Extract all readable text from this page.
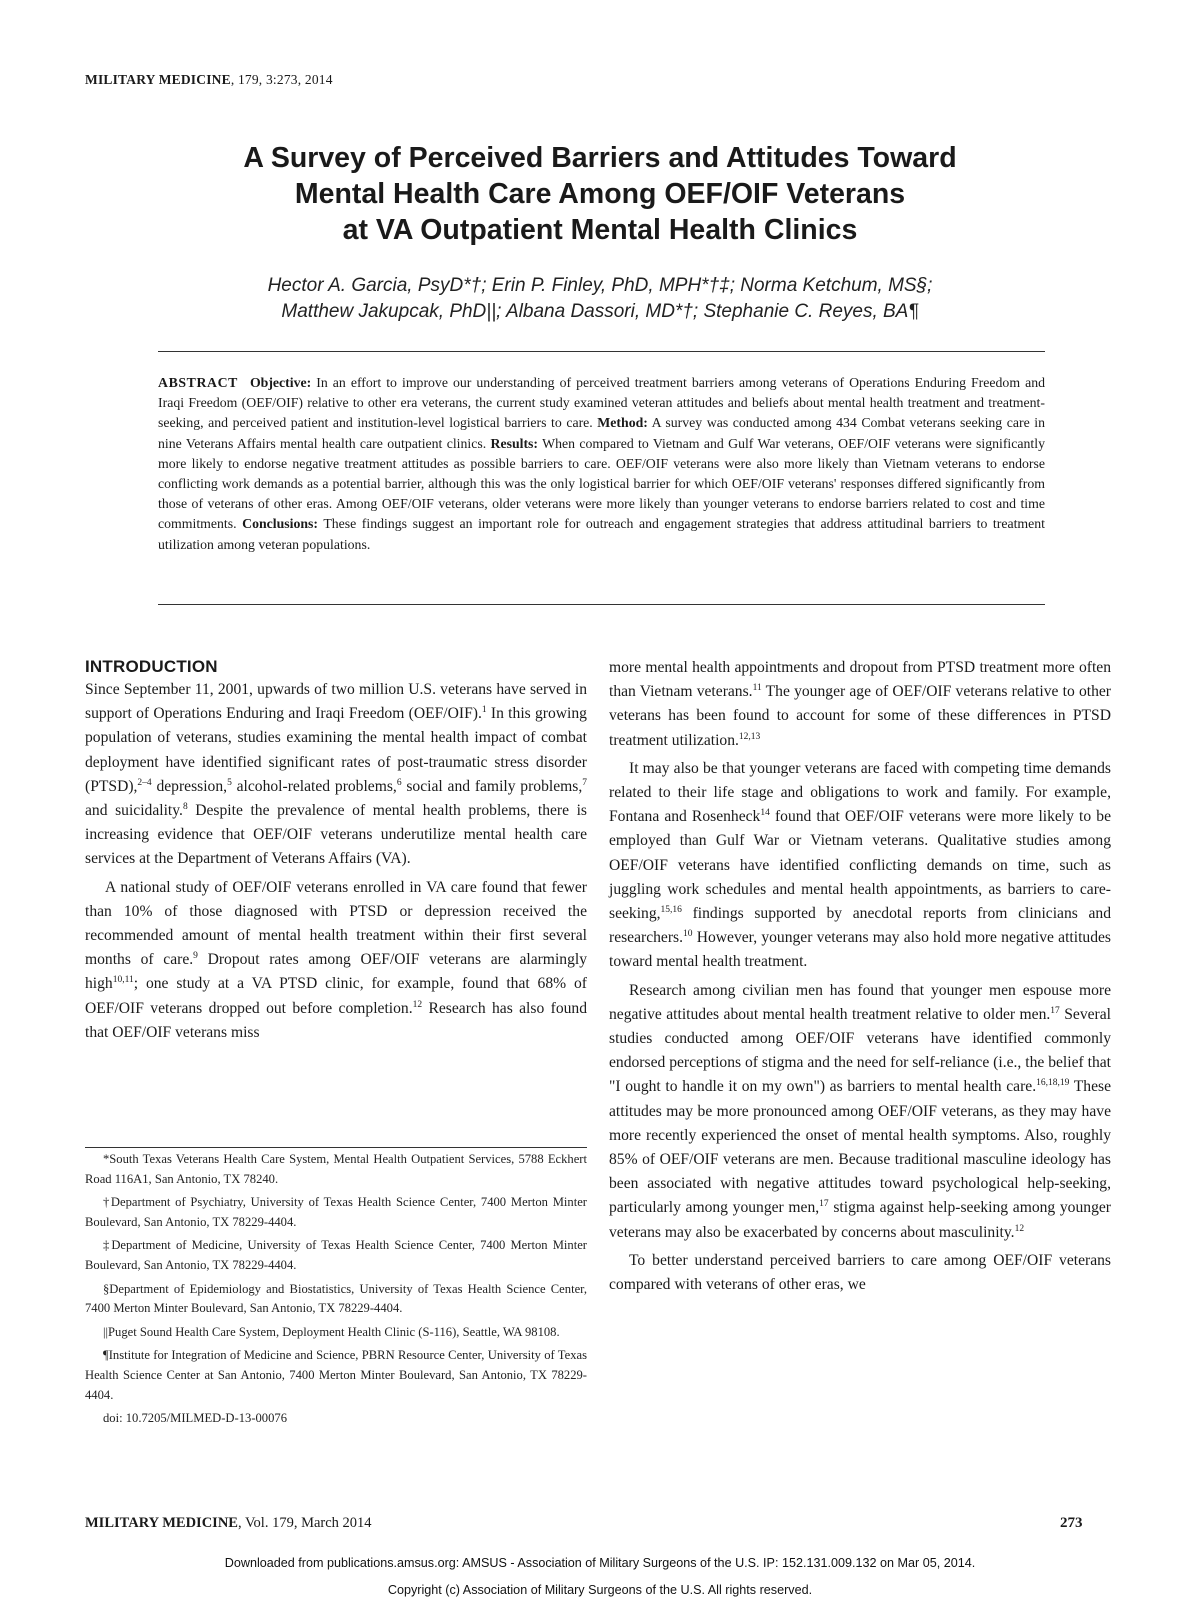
MILITARY MEDICINE, 179, 3:273, 2014
A Survey of Perceived Barriers and Attitudes Toward
Mental Health Care Among OEF/OIF Veterans
at VA Outpatient Mental Health Clinics
Hector A. Garcia, PsyD*†; Erin P. Finley, PhD, MPH*†‡; Norma Ketchum, MS§;
Matthew Jakupcak, PhD||; Albana Dassori, MD*†; Stephanie C. Reyes, BA¶
ABSTRACT Objective: In an effort to improve our understanding of perceived treatment barriers among veterans of Operations Enduring Freedom and Iraqi Freedom (OEF/OIF) relative to other era veterans, the current study examined veteran attitudes and beliefs about mental health treatment and treatment-seeking, and perceived patient and institution-level logistical barriers to care. Method: A survey was conducted among 434 Combat veterans seeking care in nine Veterans Affairs mental health care outpatient clinics. Results: When compared to Vietnam and Gulf War veterans, OEF/OIF veterans were significantly more likely to endorse negative treatment attitudes as possible barriers to care. OEF/OIF veterans were also more likely than Vietnam veterans to endorse conflicting work demands as a potential barrier, although this was the only logistical barrier for which OEF/OIF veterans' responses differed significantly from those of veterans of other eras. Among OEF/OIF veterans, older veterans were more likely than younger veterans to endorse barriers related to cost and time commitments. Conclusions: These findings suggest an important role for outreach and engagement strategies that address attitudinal barriers to treatment utilization among veteran populations.
INTRODUCTION

Since September 11, 2001, upwards of two million U.S. veterans have served in support of Operations Enduring and Iraqi Freedom (OEF/OIF).$^1$ In this growing population of veterans, studies examining the mental health impact of combat deployment have identified significant rates of post-traumatic stress disorder (PTSD),$^{2-4}$ depression,$^5$ alcohol-related problems,$^6$ social and family problems,$^7$ and suicidality.$^8$ Despite the prevalence of mental health problems, there is increasing evidence that OEF/OIF veterans underutilize mental health care services at the Department of Veterans Affairs (VA).

A national study of OEF/OIF veterans enrolled in VA care found that fewer than 10% of those diagnosed with PTSD or depression received the recommended amount of mental health treatment within their first several months of care.$^9$ Dropout rates among OEF/OIF veterans are alarmingly high$^{10,11}$; one study at a VA PTSD clinic, for example, found that 68% of OEF/OIF veterans dropped out before completion.$^{12}$ Research has also found that OEF/OIF veterans miss

*South Texas Veterans Health Care System, Mental Health Outpatient Services, 5788 Eckhert Road 116A1, San Antonio, TX 78240.

†Department of Psychiatry, University of Texas Health Science Center, 7400 Merton Minter Boulevard, San Antonio, TX 78229-4404.

‡Department of Medicine, University of Texas Health Science Center, 7400 Merton Minter Boulevard, San Antonio, TX 78229-4404.

§Department of Epidemiology and Biostatistics, University of Texas Health Science Center, 7400 Merton Minter Boulevard, San Antonio, TX 78229-4404.

||Puget Sound Health Care System, Deployment Health Clinic (S-116), Seattle, WA 98108.

¶Institute for Integration of Medicine and Science, PBRN Resource Center, University of Texas Health Science Center at San Antonio, 7400 Merton Minter Boulevard, San Antonio, TX 78229-4404.

doi: 10.7205/MILMED-D-13-00076

more mental health appointments and dropout from PTSD treatment more often than Vietnam veterans.$^{11}$ The younger age of OEF/OIF veterans relative to other veterans has been found to account for some of these differences in PTSD treatment utilization.$^{12,13}$

It may also be that younger veterans are faced with competing time demands related to their life stage and obligations to work and family. For example, Fontana and Rosenheck$^{14}$ found that OEF/OIF veterans were more likely to be employed than Gulf War or Vietnam veterans. Qualitative studies among OEF/OIF veterans have identified conflicting demands on time, such as juggling work schedules and mental health appointments, as barriers to care-seeking,$^{15,16}$ findings supported by anecdotal reports from clinicians and researchers.$^{10}$ However, younger veterans may also hold more negative attitudes toward mental health treatment.

Research among civilian men has found that younger men espouse more negative attitudes about mental health treatment relative to older men.$^{17}$ Several studies conducted among OEF/OIF veterans have identified commonly endorsed perceptions of stigma and the need for self-reliance (i.e., the belief that "I ought to handle it on my own") as barriers to mental health care.$^{16,18,19}$ These attitudes may be more pronounced among OEF/OIF veterans, as they may have more recently experienced the onset of mental health symptoms. Also, roughly 85% of OEF/OIF veterans are men. Because traditional masculine ideology has been associated with negative attitudes toward psychological help-seeking, particularly among younger men,$^{17}$ stigma against help-seeking among younger veterans may also be exacerbated by concerns about masculinity.$^{12}$

To better understand perceived barriers to care among OEF/OIF veterans compared with veterans of other eras, we

MILITARY MEDICINE, Vol. 179, March 2014	273
Downloaded from publications.amsus.org: AMSUS - Association of Military Surgeons of the U.S. IP: 152.131.009.132 on Mar 05, 2014.
Copyright (c) Association of Military Surgeons of the U.S. All rights reserved.
